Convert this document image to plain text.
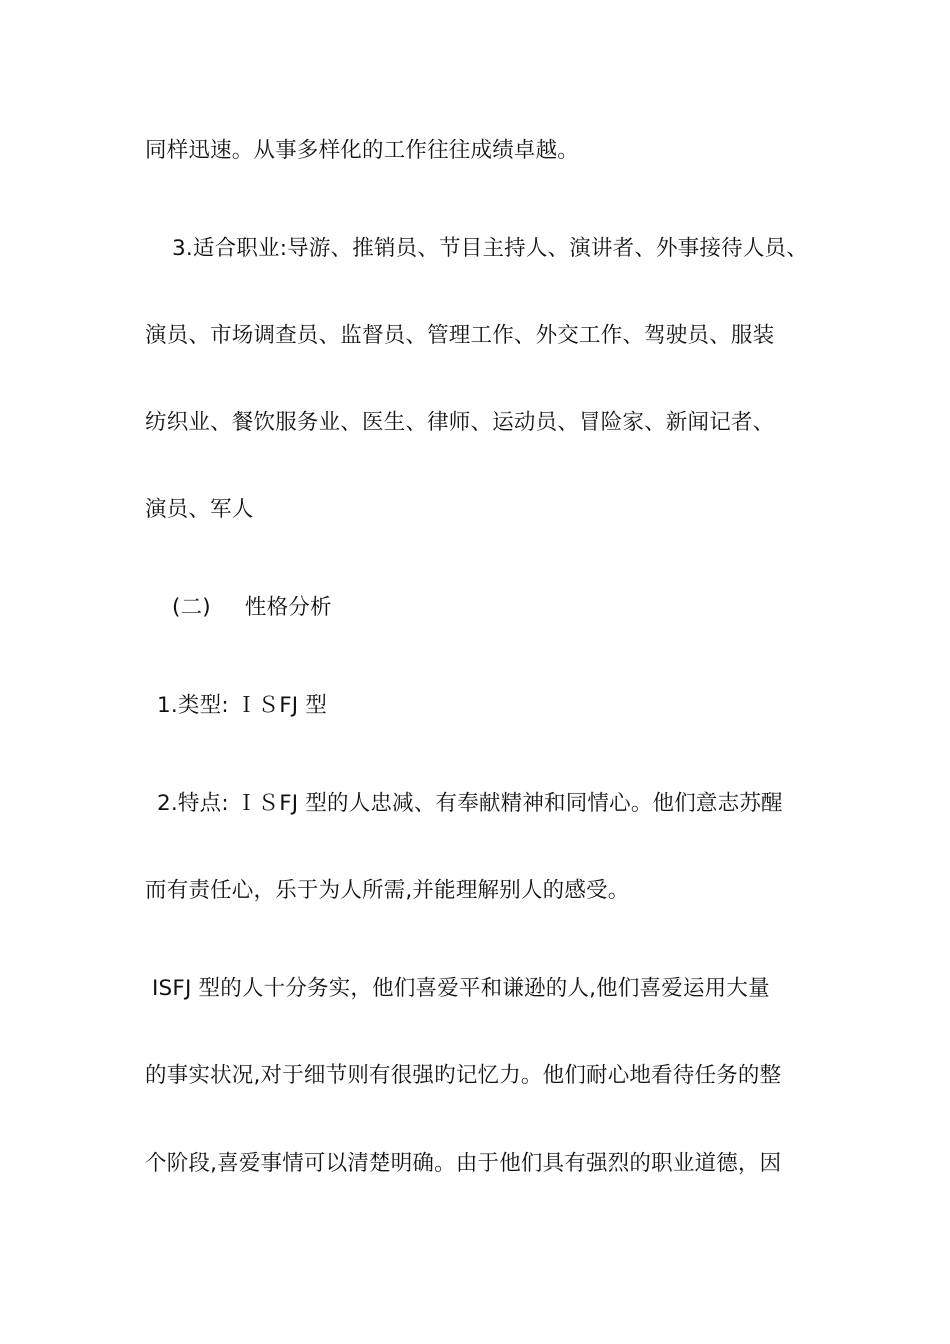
同样迅速。从事多样化的工作往往成绩卓越。
3.适合职业:导游、推销员、节目主持人、演讲者、外事接待人员、
演员、市场调查员、监督员、管理工作、外交工作、驾驶员、服装
纺织业、餐饮服务业、医生、律师、运动员、冒险家、新闻记者、
演员、军人
(二) 性格分析
1.类型: ＩＳFJ 型
2.特点: ＩＳFJ 型的人忠减、有奉献精神和同情心。他们意志苏醒
而有责任心，乐于为人所需,并能理解别人的感受。
ISFJ 型的人十分务实，他们喜爱平和谦逊的人,他们喜爱运用大量
的事实状况,对于细节则有很强旳记忆力。他们耐心地看待任务的整
个阶段,喜爱事情可以清楚明确。由于他们具有强烈的职业道德，因
